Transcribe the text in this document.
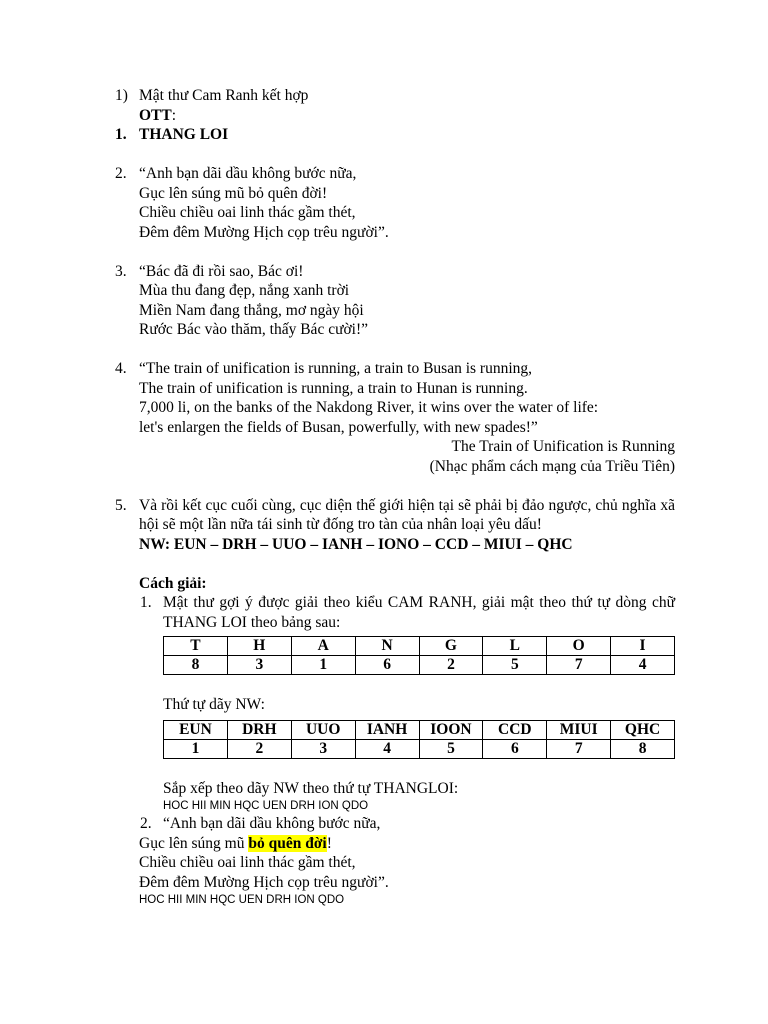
1) Mật thư Cam Ranh kết hợp
OTT:
1. THANG LOI
2. “Anh bạn dãi dầu không bước nữa,
Gục lên súng mũ bỏ quên đời!
Chiều chiều oai linh thác gầm thét,
Đêm đêm Mường Hịch cọp trêu người”.
3. “Bác đã đi rồi sao, Bác ơi!
Mùa thu đang đẹp, nắng xanh trời
Miền Nam đang thắng, mơ ngày hội
Rước Bác vào thăm, thấy Bác cười!”
4. “The train of unification is running, a train to Busan is running,
The train of unification is running, a train to Hunan is running.
7,000 li, on the banks of the Nakdong River, it wins over the water of life:
let's enlargen the fields of Busan, powerfully, with new spades!”
The Train of Unification is Running
(Nhạc phẩm cách mạng của Triều Tiên)
5. Và rồi kết cục cuối cùng, cục diện thế giới hiện tại sẽ phải bị đảo ngược, chủ nghĩa xã hội sẽ một lần nữa tái sinh từ đống tro tàn của nhân loại yêu dấu!
NW: EUN – DRH – UUO – IANH – IONO – CCD – MIUI – QHC
Cách giải:
1. Mật thư gợi ý được giải theo kiểu CAM RANH, giải mật theo thứ tự dòng chữ THANG LOI theo bảng sau:
T	H	A	N	G	L	O	I
8	3	1	6	2	5	7	4
Thứ tự dãy NW:
EUN	DRH	UUO	IANH	IOON	CCD	MIUI	QHC
1	2	3	4	5	6	7	8
Sắp xếp theo dãy NW theo thứ tự THANGLOI:
HOC HII MIN HQC UEN DRH ION QDO
2. “Anh bạn dãi dầu không bước nữa,
Gục lên súng mũ bỏ quên đời!
Chiều chiều oai linh thác gầm thét,
Đêm đêm Mường Hịch cọp trêu người”.
HOC HII MIN HQC UEN DRH ION QDO
